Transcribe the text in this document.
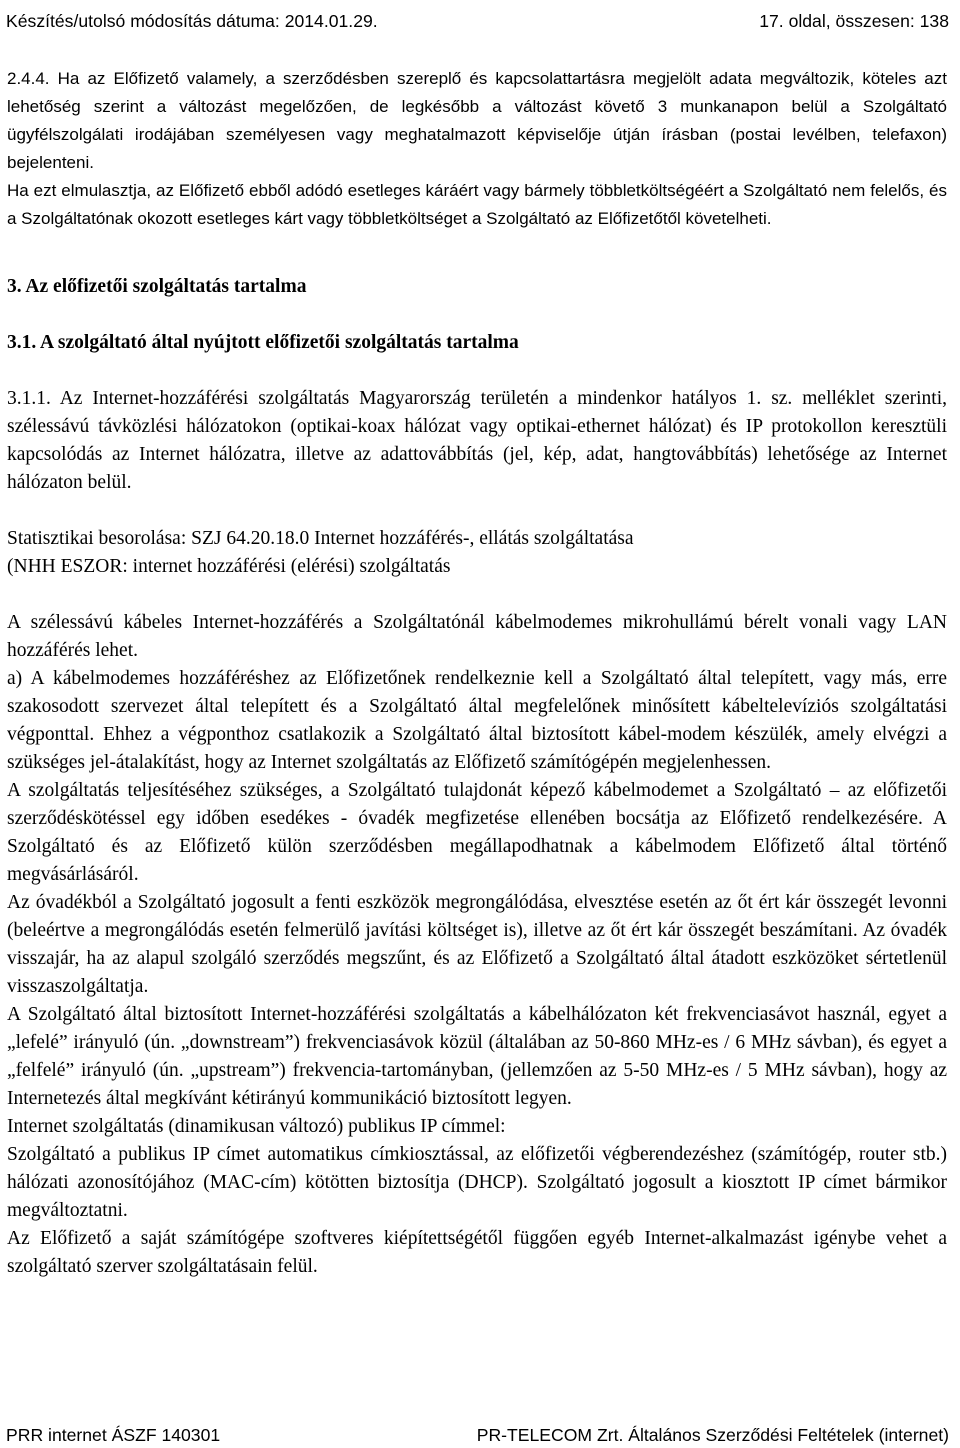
Készítés/utolsó módosítás dátuma: 2014.01.29.	17. oldal, összesen: 138

2.4.4. Ha az Előfizető valamely, a szerződésben szereplő és kapcsolattartásra megjelölt adata megváltozik, köteles azt lehetőség szerint a változást megelőzően, de legkésőbb a változást követő 3 munkanapon belül a Szolgáltató ügyfélszolgálati irodájában személyesen vagy meghatalmazott képviselője útján írásban (postai levélben, telefaxon) bejelenteni.

Ha ezt elmulasztja, az Előfizető ebből adódó esetleges káráért vagy bármely többletköltségéért a Szolgáltató nem felelős, és a Szolgáltatónak okozott esetleges kárt vagy többletköltséget a Szolgáltató az Előfizetőtől követelheti.

3. Az előfizetői szolgáltatás tartalma
3.1. A szolgáltató által nyújtott előfizetői szolgáltatás tartalma

3.1.1. Az Internet-hozzáférési szolgáltatás Magyarország területén a mindenkor hatályos 1. sz. melléklet szerinti, szélessávú távközlési hálózatokon (optikai-koax hálózat vagy optikai-ethernet hálózat) és IP protokollon keresztüli kapcsolódás az Internet hálózatra, illetve az adattovábbítás (jel, kép, adat, hangtovábbítás) lehetősége az Internet hálózaton belül.

Statisztikai besorolása: SZJ 64.20.18.0 Internet hozzáférés-, ellátás szolgáltatása

(NHH ESZOR: internet hozzáférési (elérési) szolgáltatás

A szélessávú kábeles Internet-hozzáférés a Szolgáltatónál kábelmodemes mikrohullámú bérelt vonali vagy LAN hozzáférés lehet.

a) A kábelmodemes hozzáféréshez az Előfizetőnek rendelkeznie kell a Szolgáltató által telepített, vagy más, erre szakosodott szervezet által telepített és a Szolgáltató által megfelelőnek minősített kábeltelevíziós szolgáltatási végponttal. Ehhez a végponthoz csatlakozik a Szolgáltató által biztosított kábel-modem készülék, amely elvégzi a szükséges jel-átalakítást, hogy az Internet szolgáltatás az Előfizető számítógépén megjelenhessen.

A szolgáltatás teljesítéséhez szükséges, a Szolgáltató tulajdonát képező kábelmodemet a Szolgáltató – az előfizetői szerződéskötéssel egy időben esedékes - óvadék megfizetése ellenében bocsátja az Előfizető rendelkezésére. A Szolgáltató és az Előfizető külön szerződésben megállapodhatnak a kábelmodem Előfizető által történő megvásárlásáról.

Az óvadékból a Szolgáltató jogosult a fenti eszközök megrongálódása, elvesztése esetén az őt ért kár összegét levonni (beleértve a megrongálódás esetén felmerülő javítási költséget is), illetve az őt ért kár összegét beszámítani. Az óvadék visszajár, ha az alapul szolgáló szerződés megszűnt, és az Előfizető a Szolgáltató által átadott eszközöket sértetlenül visszaszolgáltatja.

A Szolgáltató által biztosított Internet-hozzáférési szolgáltatás a kábelhálózaton két frekvenciasávot használ, egyet a „lefelé” irányuló (ún. „downstream”) frekvenciasávok közül (általában az 50-860 MHz-es / 6 MHz sávban), és egyet a „felfelé” irányuló (ún. „upstream”) frekvencia-tartományban, (jellemzően az 5-50 MHz-es / 5 MHz sávban), hogy az Internetezés által megkívánt kétirányú kommunikáció biztosított legyen.

Internet szolgáltatás (dinamikusan változó) publikus IP címmel:

Szolgáltató a publikus IP címet automatikus címkiosztással, az előfizetői végberendezéshez (számítógép, router stb.) hálózati azonosítójához (MAC-cím) kötötten biztosítja (DHCP). Szolgáltató jogosult a kiosztott IP címet bármikor megváltoztatni.

Az Előfizető a saját számítógépe szoftveres kiépítettségétől függően egyéb Internet-alkalmazást igénybe vehet a szolgáltató szerver szolgáltatásain felül.

PRR internet ÁSZF 140301	PR-TELECOM Zrt. Általános Szerződési Feltételek (internet)
